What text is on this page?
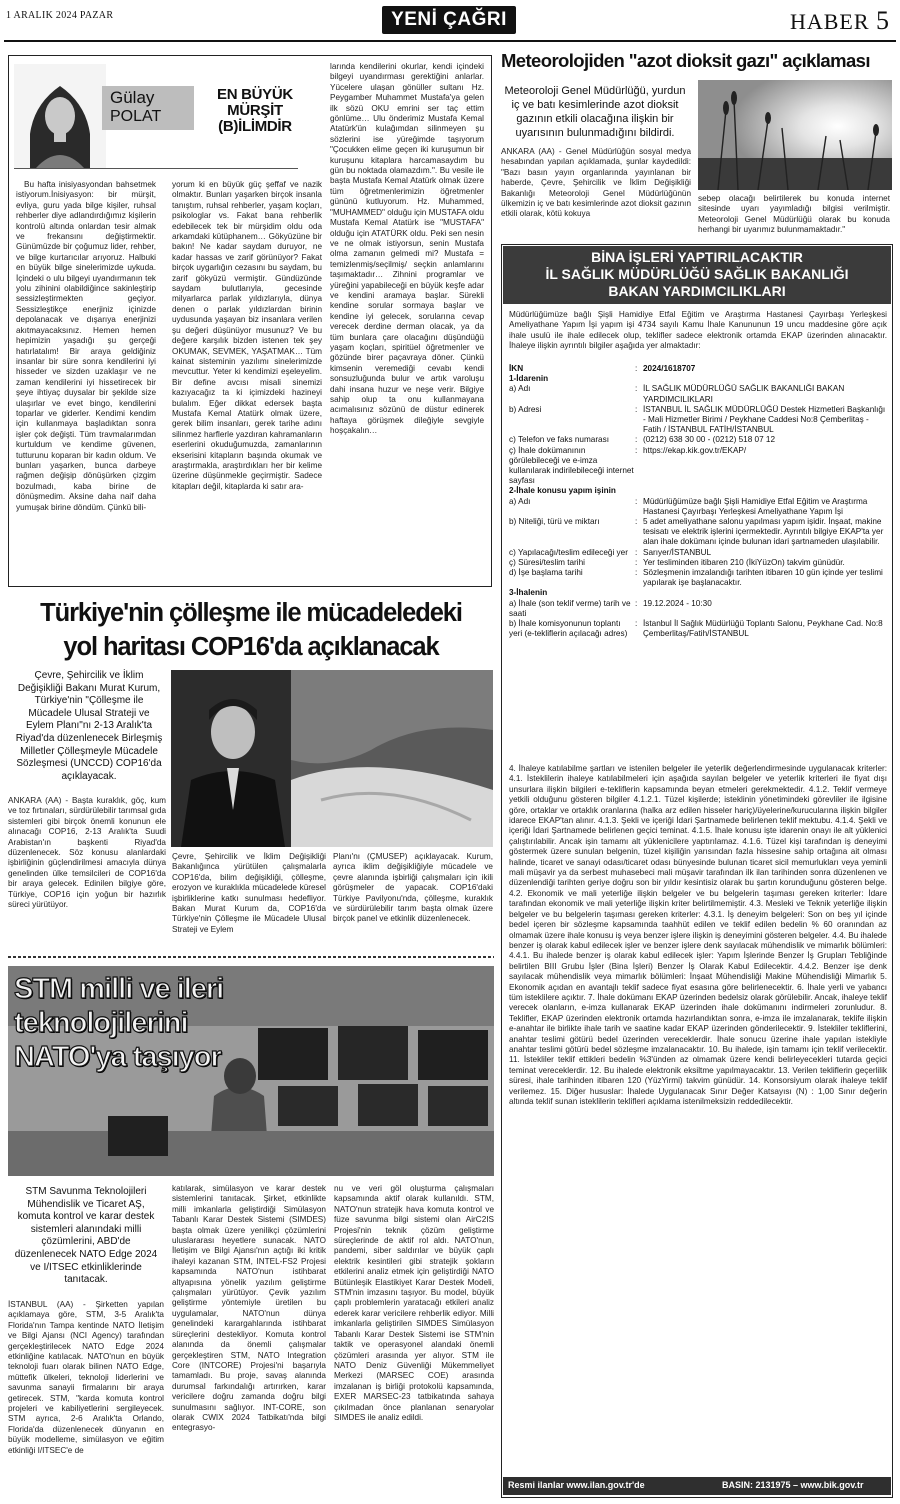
1 ARALIK 2024 PAZAR	YENİ ÇAĞRI	HABER 5
Gülay
POLAT
EN BÜYÜK
MÜRŞİT
(B)İLİMDİR
Bu hafta inisiyasyondan bahsetmek istiyorum.İnisiyasyon: bir mürşit, evliya, guru yada bilge kişiler, ruhsal rehberler diye adlandırdığımız kişilerin kontrolü altında onlardan tesir almak ve frekansını değiştirmektir. Günümüzde bir çoğumuz lider, rehber, ve bilge kurtarıcılar arıyoruz. Halbuki en büyük bilge sinelerimizde uykuda. İçindeki o ulu bilgeyi uyandırmanın tek yolu zihinini olabildiğince sakinleştirip sessizleştirmekten geçiyor. Sessizleştikçe enerjiniz içinizde depolanacak ve dışarıya enerjinizi akıtmayacaksınız. Hemen hemen hepimizin yaşadığı şu gerçeği hatırlatalım! Bir araya geldiğiniz insanlar bir süre sonra kendilerini iyi hisseder ve sizden uzaklaşır ve ne zaman kendilerini iyi hissetirecek bir şeye ihtiyaç duysalar bir şekilde size ulaşırlar ve evet bingo, kendilerini toparlar ve giderler. Kendimi kendim için kullanmaya başladıktan sonra işler çok değişti. Tüm travmalarımdan kurtuldum ve kendime güvenen, tutturunu koparan bir kadın oldum. Ve bunları yaşarken, bunca darbeye rağmen değişip dönüşürken çizgim bozulmadı, kaba birine de dönüşmedim. Aksine daha naif daha yumuşak birine döndüm. Çünkü bili-
yorum ki en büyük güç şeffaf ve nazik olmaktır. Bunları yaşarken birçok insanla tanıştım, ruhsal rehberler, yaşam koçları, psikologlar vs. Fakat bana rehberlik edebilecek tek bir mürşidim oldu oda arkamdaki kütüphanem… Gökyüzüne bir bakın! Ne kadar saydam duruyor, ne kadar hassas ve zarif görünüyor? Fakat birçok uygarlığın cezasını bu saydam, bu zarif gökyüzü vermiştir. Gündüzünde saydam bulutlarıyla, gecesinde milyarlarca parlak yıldızlarıyla, dünya denen o parlak yıldızlardan birinin uydusunda yaşayan biz insanlara verilen şu değeri düşünüyor musunuz? Ve bu değere karşılık bizden istenen tek şey OKUMAK, SEVMEK, YAŞATMAK… Tüm kainat sisteminin yazılımı sinelerimizde mevcuttur. Yeter ki kendimizi eşeleyelim. Bir define avcısı misali sinemizi kazıyacağız ta ki içimizdeki hazineyi bulalım. Eğer dikkat edersek başta Mustafa Kemal Atatürk olmak üzere, gerek bilim insanları, gerek tarihe adını silinmez harflerle yazdıran kahramanların eserlerini okuduğumuzda, zamanlarının ekserisini kitapların başında okumak ve araştırmakla, araştırdıkları her bir kelime üzerine düşünmekle geçirmiştir. Sadece kitapları değil, kitaplarda ki satır ara-
larında kendilerini okurlar, kendi içindeki bilgeyi uyandırması gerektiğini anlarlar. Yücelere ulaşan gönüller sultanı Hz. Peygamber Muhammet Mustafa'ya gelen ilk sözü OKU emrini ser taç ettim gönlüme… Ulu önderimiz Mustafa Kemal Atatürk'ün kulağımdan silinmeyen şu sözlerini ise yüreğimde taşıyorum "Çocukken elime geçen iki kuruşumun bir kuruşunu kitaplara harcamasaydım bu gün bu noktada olamazdım.". Bu vesile ile başta Mustafa Kemal Atatürk olmak üzere tüm öğretmenlerimizin öğretmenler gününü kutluyorum. Hz. Muhammed, "MUHAMMED" olduğu için MUSTAFA oldu Mustafa Kemal Atatürk ise "MUSTAFA" olduğu için ATATÜRK oldu. Peki sen nesin ve ne olmak istiyorsun, senin Mustafa olma zamanın gelmedi mi? Mustafa = temizlenmiş/seçilmiş/ seçkin anlamlarını taşımaktadır… Zihnini programlar ve yüreğini yapabileceği en büyük keşfe adar ve kendini aramaya başlar. Sürekli kendine sorular sormaya başlar ve kendine iyi gelecek, sorularına cevap verecek derdine derman olacak, ya da tüm bunlara çare olacağını düşündüğü yaşam koçları, spiritüel öğretmenler ve gözünde birer paçavraya döner. Çünkü kimsenin veremediği cevabı kendi sonsuzluğunda bulur ve artık varoluşu dahi insana huzur ve neşe verir. Bilgiye sahip olup ta onu kullanmayana acımalısınız sözünü de düstur edinerek haftaya görüşmek dileğiyle sevgiyle hoşçakalın…
Meteorolojiden "azot dioksit gazı" açıklaması
Meteoroloji Genel Müdürlüğü, yurdun iç ve batı kesimlerinde azot dioksit gazının etkili olacağına ilişkin bir uyarısının bulunmadığını bildirdi.
ANKARA (AA) - Genel Müdürlüğün sosyal medya hesabından yapılan açıklamada, şunlar kaydedildi: "Bazı basın yayın organlarında yayınlanan bir haberde, Çevre, Şehircilik ve İklim Değişikliği Bakanlığı Meteoroloji Genel Müdürlüğünün ülkemizin iç ve batı kesimlerinde azot dioksit gazının etkili olarak, kötü kokuya
sebep olacağı belirtilerek bu konuda internet sitesinde uyarı yayımladığı bilgisi verilmiştir. Meteoroloji Genel Müdürlüğü olarak bu konuda herhangi bir uyarımız bulunmamaktadır."
BİNA İŞLERİ YAPTIRILACAKTIR
İL SAĞLIK MÜDÜRLÜĞÜ SAĞLIK BAKANLIĞI
BAKAN YARDIMCILIKLARI
Müdürlüğümüze bağlı Şişli Hamidiye Etfal Eğitim ve Araştırma Hastanesi Çayırbaşı Yerleşkesi Ameliyathane Yapım İşi yapım işi 4734 sayılı Kamu İhale Kanununun 19 uncu maddesine göre açık ihale usulü ile ihale edilecek olup, teklifler sadece elektronik ortamda EKAP üzerinden alınacaktır. İhaleye ilişkin ayrıntılı bilgiler aşağıda yer almaktadır:
İKN	: 2024/1618707
1-İdarenin
a) Adı	: İL SAĞLIK MÜDÜRLÜĞÜ SAĞLIK BAKANLIĞI BAKAN YARDIMCILIKLARI
b) Adresi	: İSTANBUL İL SAĞLIK MÜDÜRLÜĞÜ Destek Hizmetleri Başkanlığı - Mali Hizmetler Birimi / Peykhane Caddesi No:8 Çemberlitaş - Fatih / İSTANBUL FATİH/İSTANBUL
c) Telefon ve faks numarası	: (0212) 638 30 00 - (0212) 518 07 12
ç) İhale dokümanının görülebileceği ve e-imza kullanılarak indirilebileceği internet sayfası
: https://ekap.kik.gov.tr/EKAP/
2-İhale konusu yapım işinin
a) Adı	: Müdürlüğümüze bağlı Şişli Hamidiye Etfal Eğitim ve Araştırma Hastanesi Çayırbaşı Yerleşkesi Ameliyathane Yapım İşi
b) Niteliği, türü ve miktarı	: 5 adet ameliyathane salonu yapılması yapım işidir. İnşaat, makine tesisatı ve elektrik işlerini içermektedir. Ayrıntılı bilgiye EKAP'ta yer alan ihale dokümanı içinde bulunan idari şartnameden ulaşılabilir.
c) Yapılacağı/teslim edileceği yer : Sarıyer/İSTANBUL
ç) Süresi/teslim tarihi	: Yer tesliminden itibaren 210 (İkiYüzOn) takvim günüdür.
d) İşe başlama tarihi	: Sözleşmenin imzalandığı tarihten itibaren 10 gün içinde yer teslimi yapılarak işe başlanacaktır.
3-İhalenin
a) İhale (son teklif verme) tarih ve saati
: 19.12.2024 - 10:30
b) İhale komisyonunun toplantı yeri (e-tekliflerin açılacağı adres)
: İstanbul İl Sağlık Müdürlüğü Toplantı Salonu, Peykhane Cad. No:8 Çemberlitaş/Fatih/İSTANBUL
4. İhaleye katılabilme şartları ve istenilen belgeler ile yeterlik değerlendirmesinde uygulanacak kriterler: 4.1. İsteklilerin ihaleye katılabilmeleri için aşağıda sayılan belgeler ve yeterlik kriterleri ile fiyat dışı unsurlara ilişkin bilgileri e-tekliflerin kapsamında beyan etmeleri gerekmektedir. 4.1.2. Teklif vermeye yetkili olduğunu gösteren bilgiler 4.1.2.1. Tüzel kişilerde; isteklinin yönetimindeki görevliler ile ilgisine göre, ortaklar ve ortaklık oranlarına (halka arz edilen hisseler hariç)/üyelerine/kurucularına ilişkin bilgiler idarece EKAP'tan alınır. 4.1.3. Şekli ve içeriği İdari Şartnamede belirlenen teklif mektubu. 4.1.4. Şekli ve içeriği İdari Şartnamede belirlenen geçici teminat. 4.1.5. İhale konusu işte idarenin onayı ile alt yüklenici çalıştırılabilir. Ancak işin tamamı alt yüklenicilere yaptırılamaz. 4.1.6. Tüzel kişi tarafından iş deneyimi göstermek üzere sunulan belgenin, tüzel kişiliğin yarısından fazla hissesine sahip ortağına ait olması halinde, ticaret ve sanayi odası/ticaret odası bünyesinde bulunan ticaret sicil memurlukları veya yeminli mali müşavir ya da serbest muhasebeci mali müşavir tarafından ilk ilan tarihinden sonra düzenlenen ve düzenlendiği tarihten geriye doğru son bir yıldır kesintisiz olarak bu şartın korunduğunu gösteren belge. 4.2. Ekonomik ve mali yeterliğe ilişkin belgeler ve bu belgelerin taşıması gereken kriterler: İdare tarafından ekonomik ve mali yeterliğe ilişkin kriter belirtilmemiştir. 4.3. Mesleki ve Teknik yeterliğe ilişkin belgeler ve bu belgelerin taşıması gereken kriterler: 4.3.1. İş deneyim belgeleri: Son on beş yıl içinde bedel içeren bir sözleşme kapsamında taahhüt edilen ve teklif edilen bedelin % 60 oranından az olmamak üzere ihale konusu iş veya benzer işlere ilişkin iş deneyimini gösteren belgeler. 4.4. Bu ihalede benzer iş olarak kabul edilecek işler ve benzer işlere denk sayılacak mühendislik ve mimarlık bölümleri: 4.4.1. Bu ihalede benzer iş olarak kabul edilecek işler: Yapım İşlerinde Benzer İş Grupları Tebliğinde belirtilen BIII Grubu İşler (Bina İşleri) Benzer İş Olarak Kabul Edilecektir. 4.4.2. Benzer işe denk sayılacak mühendislik veya mimarlık bölümleri: İnşaat Mühendisliği Makine Mühendisliği Mimarlık 5. Ekonomik açıdan en avantajlı teklif sadece fiyat esasına göre belirlenecektir. 6. İhale yerli ve yabancı tüm isteklilere açıktır. 7. İhale dokümanı EKAP üzerinden bedelsiz olarak görülebilir. Ancak, ihaleye teklif verecek olanların, e-imza kullanarak EKAP üzerinden ihale dokümanını indirmeleri zorunludur. 8. Teklifler, EKAP üzerinden elektronik ortamda hazırlandıktan sonra, e-imza ile imzalanarak, teklife ilişkin e-anahtar ile birlikte ihale tarih ve saatine kadar EKAP üzerinden gönderilecektir. 9. İstekliler tekliflerini, anahtar teslimi götürü bedel üzerinden vereceklerdir. İhale sonucu üzerine ihale yapılan istekliyle anahtar teslimi götürü bedel sözleşme imzalanacaktır. 10. Bu ihalede, işin tamamı için teklif verilecektir. 11. İstekliler teklif ettikleri bedelin %3'ünden az olmamak üzere kendi belirleyecekleri tutarda geçici teminat vereceklerdir. 12. Bu ihalede elektronik eksiltme yapılmayacaktır. 13. Verilen tekliflerin geçerlilik süresi, ihale tarihinden itibaren 120 (YüzYirmi) takvim günüdür. 14. Konsorsiyum olarak ihaleye teklif verilemez. 15. Diğer hususlar: İhalede Uygulanacak Sınır Değer Katsayısı (N) : 1,00 Sınır değerin altında teklif sunan isteklilerin teklifleri açıklama istenilmeksizin reddedilecektir.
Resmi ilanlar www.ilan.gov.tr'de	BASIN: 2131975 – www.bik.gov.tr
Türkiye'nin çölleşme ile mücadeledeki
yol haritası COP16'da açıklanacak
Çevre, Şehircilik ve İklim Değişikliği Bakanı Murat Kurum, Türkiye'nin "Çölleşme ile Mücadele Ulusal Strateji ve Eylem Planı"nı 2-13 Aralık'ta Riyad'da düzenlenecek Birleşmiş Milletler Çölleşmeyle Mücadele Sözleşmesi (UNCCD) COP16'da açıklayacak.
ANKARA (AA) - Başta kuraklık, göç, kum ve toz fırtınaları, sürdürülebilir tarımsal gıda sistemleri gibi birçok önemli konunun ele alınacağı COP16, 2-13 Aralık'ta Suudi Arabistan'ın başkenti Riyad'da düzenlenecek. Söz konusu alanlardaki işbirliğinin güçlendirilmesi amacıyla dünya genelinden ülke temsilcileri de COP16'da bir araya gelecek. Edinilen bilgiye göre, Türkiye, COP16 için yoğun bir hazırlık süreci yürütüyor.
Çevre, Şehircilik ve İklim Değişikliği Bakanlığınca yürütülen çalışmalarla COP16'da, bilim değişikliği, çölleşme, erozyon ve kuraklıkla mücadelede küresel işbirliklerine katkı sunulması hedefliyor. Bakan Murat Kurum da, COP16'da Türkiye'nin Çölleşme ile Mücadele Ulusal Strateji ve Eylem
Planı'nı (ÇMUSEP) açıklayacak. Kurum, ayrıca iklim değişikliğiyle mücadele ve çevre alanında işbirliği çalışmaları için ikili görüşmeler de yapacak. COP16'daki Türkiye Pavilyonu'nda, çölleşme, kuraklık ve sürdürülebilir tarım başta olmak üzere birçok panel ve etkinlik düzenlenecek.
STM milli ve ileri
teknolojilerini
NATO'ya taşıyor
STM Savunma Teknolojileri Mühendislik ve Ticaret AŞ, komuta kontrol ve karar destek sistemleri alanındaki milli çözümlerini, ABD'de düzenlenecek NATO Edge 2024 ve I/ITSEC etkinliklerinde tanıtacak.
İSTANBUL (AA) - Şirketten yapılan açıklamaya göre, STM, 3-5 Aralık'ta Florida'nın Tampa kentinde NATO İletişim ve Bilgi Ajansı (NCI Agency) tarafından gerçekleştirilecek NATO Edge 2024 etkinliğine katılacak. NATO'nun en büyük teknoloji fuarı olarak bilinen NATO Edge, müttefik ülkeleri, teknoloji liderlerini ve savunma sanayii firmalarını bir araya getirecek. STM, "karda komuta kontrol projeleri ve kabiliyetlerini sergileyecek. STM ayrıca, 2-6 Aralık'ta Orlando, Florida'da düzenlenecek dünyanın en büyük modelleme, simülasyon ve eğitim etkinliği I/ITSEC'e de
katılarak, simülasyon ve karar destek sistemlerini tanıtacak. Şirket, etkinlikte milli imkanlarla geliştirdiği Simülasyon Tabanlı Karar Destek Sistemi (SIMDES) başta olmak üzere yenilikçi çözümlerini uluslararası heyetlere sunacak. NATO İletişim ve Bilgi Ajansı'nın açtığı iki kritik ihaleyi kazanan STM, INTEL-FS2 Projesi kapsamında NATO'nun istihbarat altyapısına yönelik yazılım geliştirme çalışmaları yürütüyor. Çevik yazılım geliştirme yöntemiyle üretilen bu uygulamalar, NATO'nun dünya genelindeki karargahlarında istihbarat süreçlerini destekliyor. Komuta kontrol alanında da önemli çalışmalar gerçekleştiren STM, NATO Integration Core (INTCORE) Projesi'ni başarıyla tamamladı. Bu proje, savaş alanında durumsal farkındalığı artırırken, karar vericilere doğru zamanda doğru bilgi sunulmasını sağlıyor. INT-CORE, son olarak CWIX 2024 Tatbikatı'nda bilgi entegrasyo-
nu ve veri göl oluşturma çalışmaları kapsamında aktif olarak kullanıldı. STM, NATO'nun stratejik hava komuta kontrol ve füze savunma bilgi sistemi olan AirC2IS Projesi'nin teknik çözüm geliştirme süreçlerinde de aktif rol aldı. NATO'nun, pandemi, siber saldırılar ve büyük çaplı elektrik kesintileri gibi stratejik şokların etkilerini analiz etmek için geliştirdiği NATO Bütünleşik Elastikiyet Karar Destek Modeli, STM'nin imzasını taşıyor. Bu model, büyük çaplı problemlerin yaratacağı etkileri analiz ederek karar vericilere rehberlik ediyor. Milli imkanlarla geliştirilen SIMDES Simülasyon Tabanlı Karar Destek Sistemi ise STM'nin taktik ve operasyonel alandaki önemli çözümleri arasında yer alıyor. STM ile NATO Deniz Güvenliği Mükemmeliyet Merkezi (MARSEC COE) arasında imzalanan iş birliği protokolü kapsamında, EXER MARSEC-23 tatbikatında sahaya çıkılmadan önce planlanan senaryolar SIMDES ile analiz edildi.
